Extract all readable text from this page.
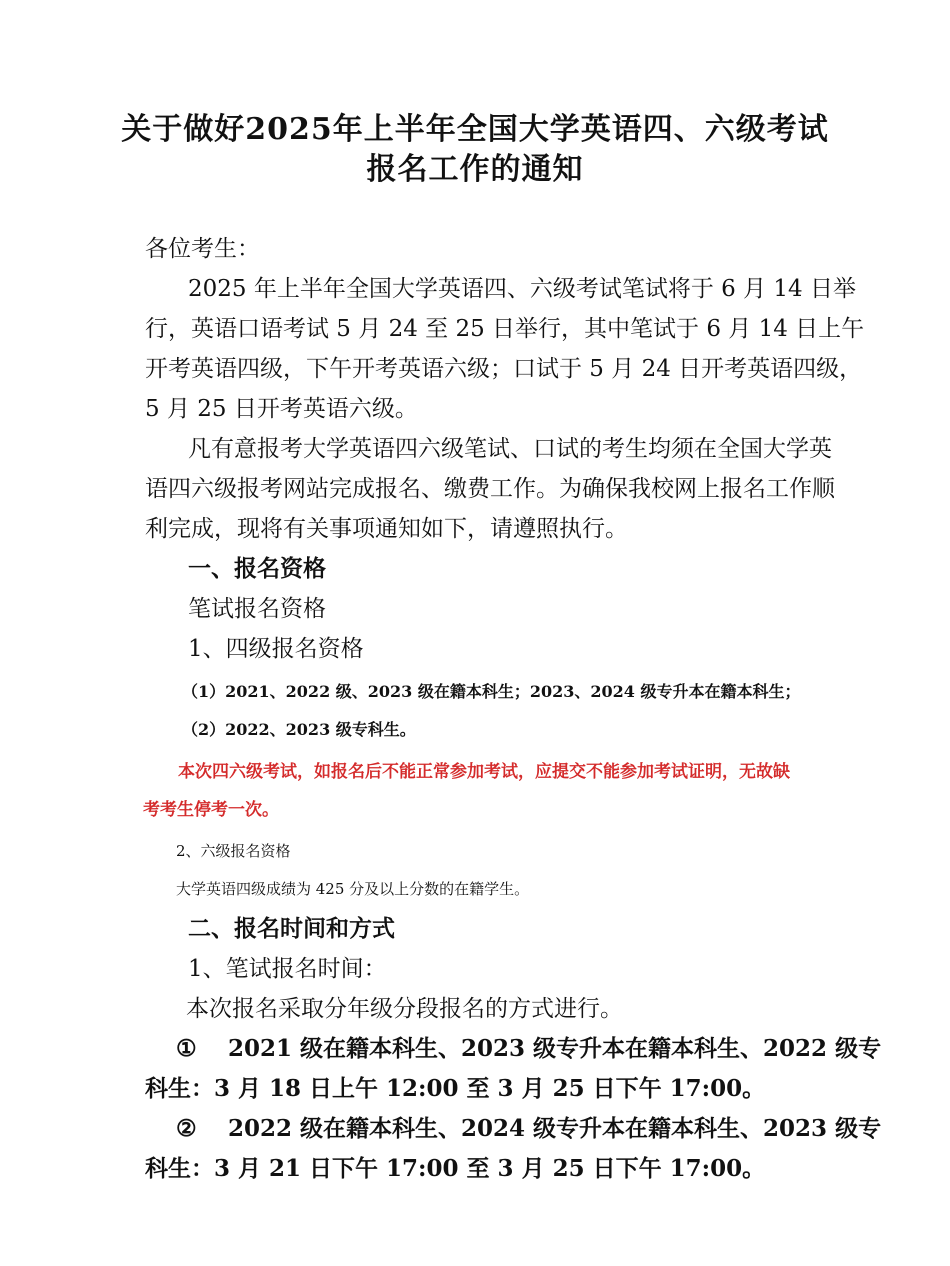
关于做好2025年上半年全国大学英语四、六级考试
报名工作的通知
各位考生：
2025 年上半年全国大学英语四、六级考试笔试将于 6 月 14 日举
行，英语口语考试 5 月 24 至 25 日举行，其中笔试于 6 月 14 日上午
开考英语四级，下午开考英语六级；口试于 5 月 24 日开考英语四级，
5 月 25 日开考英语六级。
凡有意报考大学英语四六级笔试、口试的考生均须在全国大学英
语四六级报考网站完成报名、缴费工作。为确保我校网上报名工作顺
利完成，现将有关事项通知如下，请遵照执行。
一、报名资格
笔试报名资格
1、四级报名资格
（1）2021、2022 级、2023 级在籍本科生；2023、2024 级专升本在籍本科生；
（2）2022、2023 级专科生。
本次四六级考试，如报名后不能正常参加考试，应提交不能参加考试证明，无故缺
考考生停考一次。
2、六级报名资格
大学英语四级成绩为 425 分及以上分数的在籍学生。
二、报名时间和方式
1、笔试报名时间：
本次报名采取分年级分段报名的方式进行。
① 2021 级在籍本科生、2023 级专升本在籍本科生、2022 级专
科生：3 月 18 日上午 12:00 至 3 月 25 日下午 17:00。
② 2022 级在籍本科生、2024 级专升本在籍本科生、2023 级专
科生：3 月 21 日下午 17:00 至 3 月 25 日下午 17:00。
